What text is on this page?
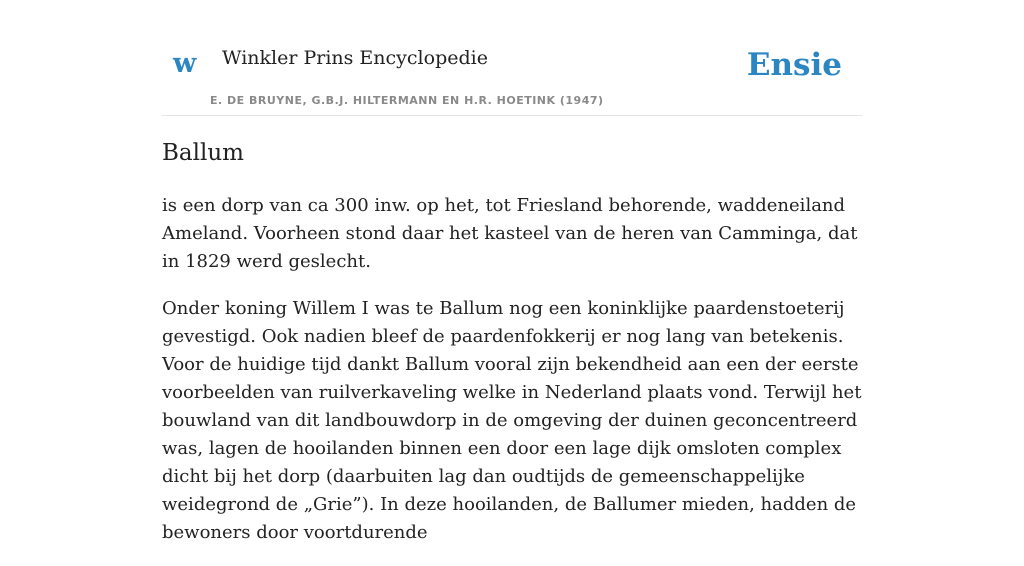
w Winkler Prins Encyclopedie
E. DE BRUYNE, G.B.J. HILTERMANN EN H.R. HOETINK (1947)
Ensie
Ballum

is een dorp van ca 300 inw. op het, tot Friesland behorende, waddeneiland Ameland. Voorheen stond daar het kasteel van de heren van Camminga, dat in 1829 werd geslecht.

Onder koning Willem I was te Ballum nog een koninklijke paardenstoeterij gevestigd. Ook nadien bleef de paardenfokkerij er nog lang van betekenis. Voor de huidige tijd dankt Ballum vooral zijn bekendheid aan een der eerste voorbeelden van ruilverkaveling welke in Nederland plaats vond. Terwijl het bouwland van dit landbouwdorp in de omgeving der duinen geconcentreerd was, lagen de hooilanden binnen een door een lage dijk omsloten complex dicht bij het dorp (daarbuiten lag dan oudtijds de gemeenschappelijke weidegrond de „Grie”). In deze hooilanden, de Ballumer mieden, hadden de bewoners door voortdurende
